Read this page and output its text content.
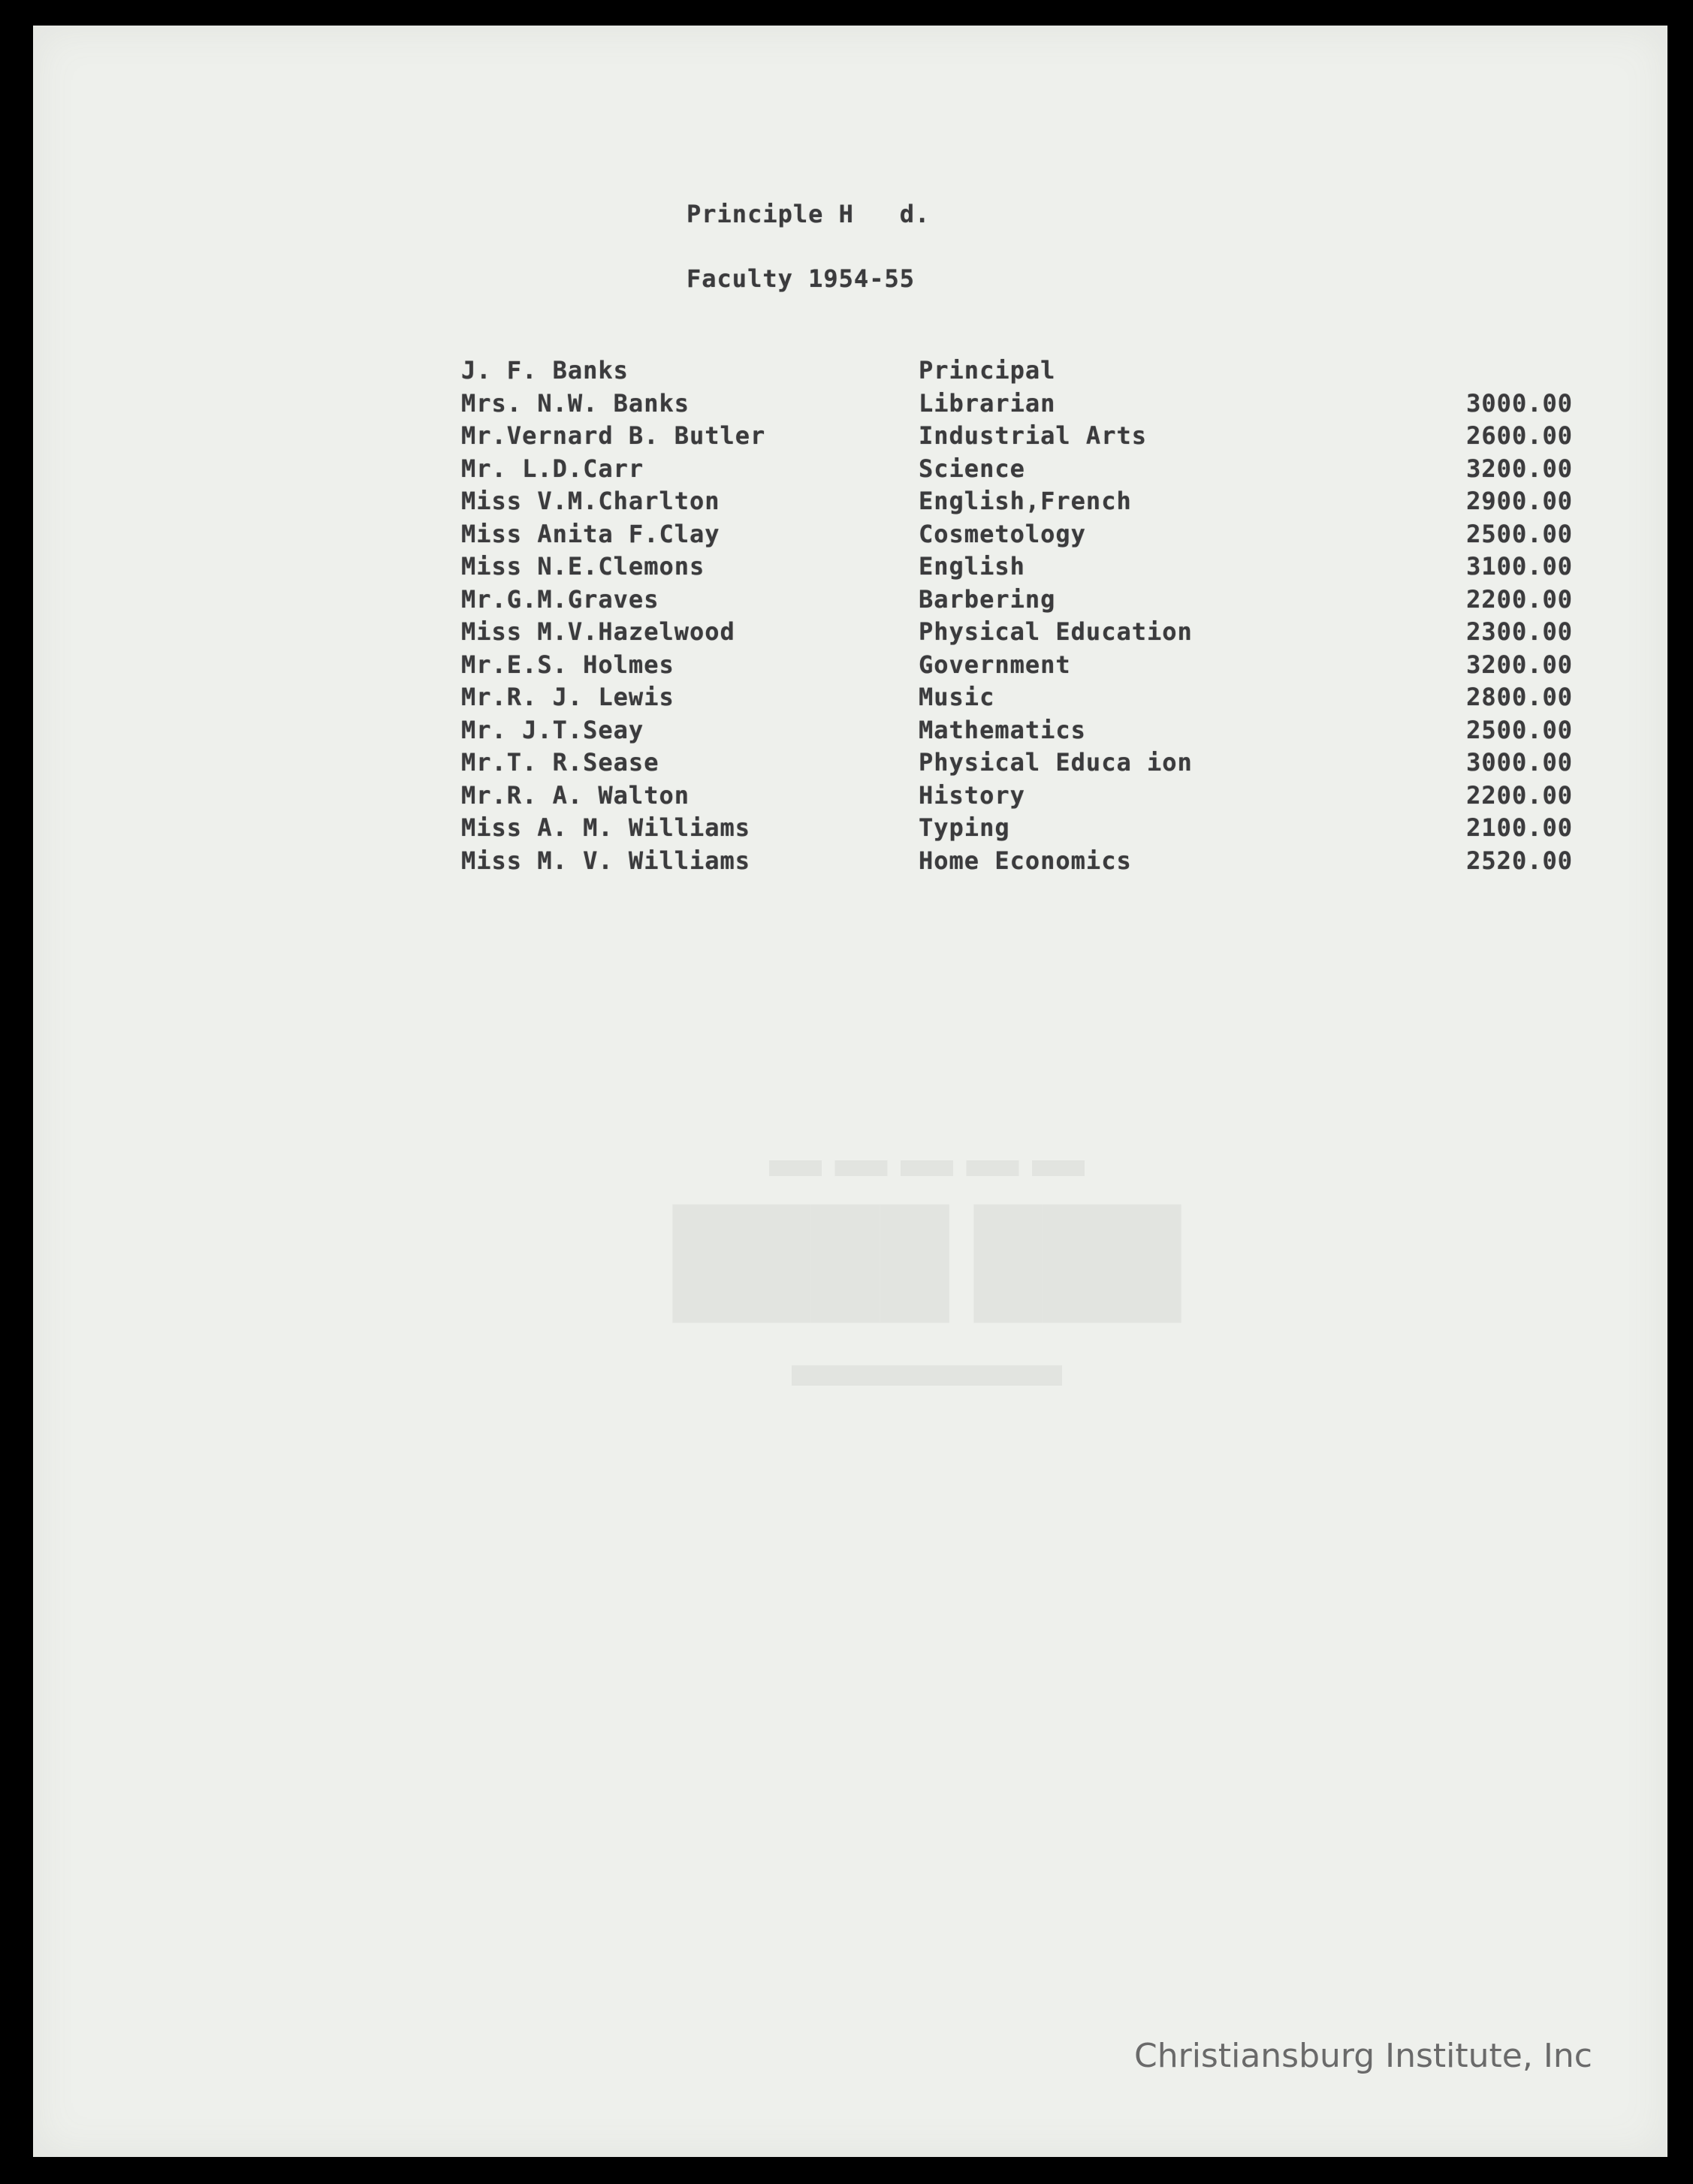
Principle H   d.
Faculty 1954-55
J. F. Banks	Principal
Mrs. N.W. Banks	Librarian	3000.00
Mr.Vernard B. Butler	Industrial Arts	2600.00
Mr. L.D.Carr	Science	3200.00
Miss V.M.Charlton	English,French	2900.00
Miss Anita F.Clay	Cosmetology	2500.00
Miss N.E.Clemons	English	3100.00
Mr.G.M.Graves	Barbering	2200.00
Miss M.V.Hazelwood	Physical Education	2300.00
Mr.E.S. Holmes	Government	3200.00
Mr.R. J. Lewis	Music	2800.00
Mr. J.T.Seay	Mathematics	2500.00
Mr.T. R.Sease	Physical Educa ion	3000.00
Mr.R. A. Walton	History	2200.00
Miss A. M. Williams	Typing	2100.00
Miss M. V. Williams	Home Economics	2520.00
▬ ▬ ▬ ▬ ▬
███ ████
▬▬▬▬
Christiansburg Institute, Inc
